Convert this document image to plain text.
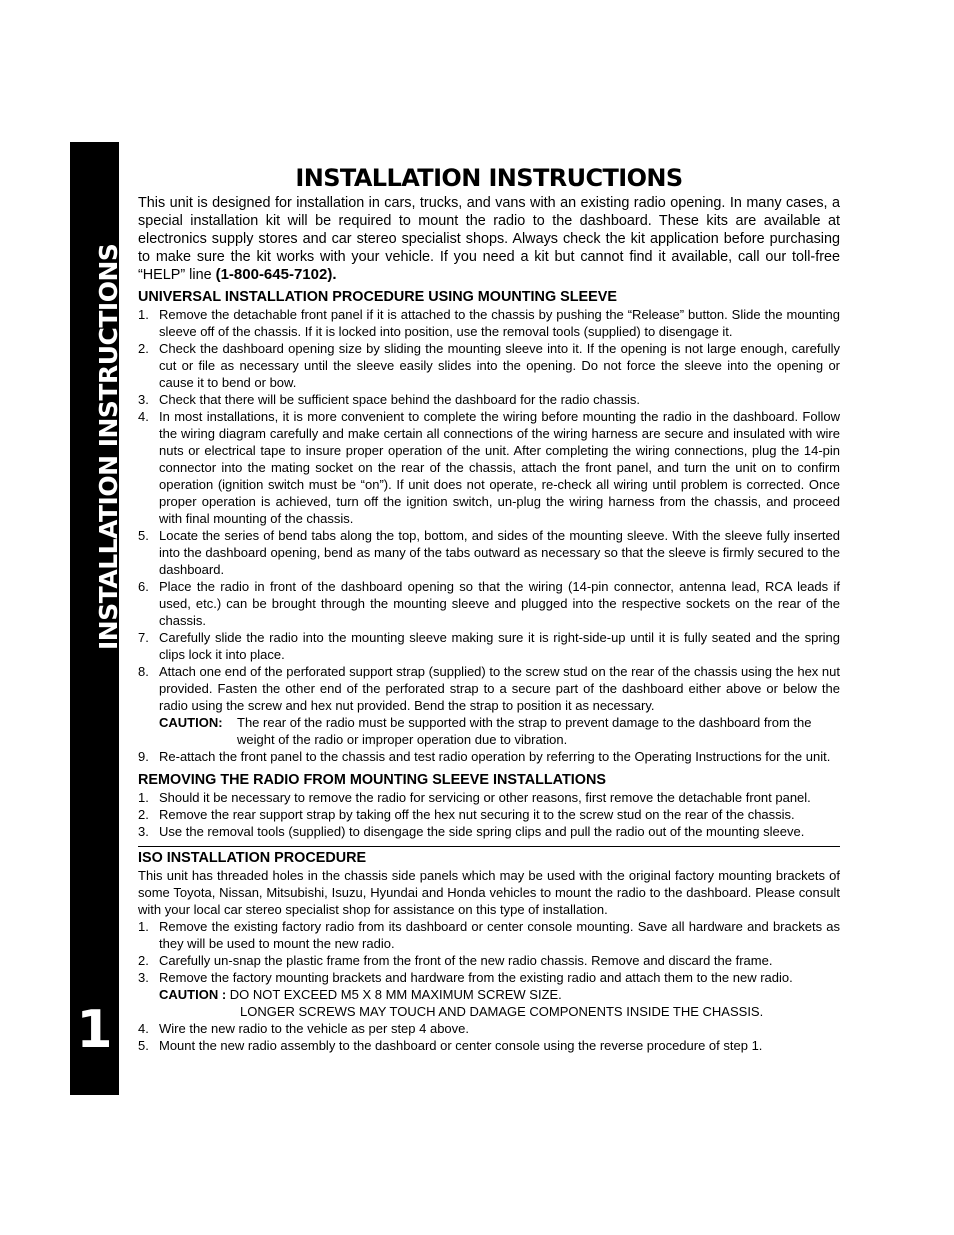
INSTALLATION INSTRUCTIONS
1
INSTALLATION INSTRUCTIONS

This unit is designed for installation in cars, trucks, and vans with an existing radio opening. In many cases, a special installation kit will be required to mount the radio to the dashboard. These kits are available at electronics supply stores and car stereo specialist shops. Always check the kit application before purchasing to make sure the kit works with your vehicle. If you need a kit but cannot find it available, call our toll-free “HELP” line (1-800-645-7102).

UNIVERSAL INSTALLATION PROCEDURE USING MOUNTING SLEEVE
1. Remove the detachable front panel if it is attached to the chassis by pushing the “Release” button. Slide the mounting sleeve off of the chassis. If it is locked into position, use the removal tools (supplied) to disengage it.
2. Check the dashboard opening size by sliding the mounting sleeve into it. If the opening is not large enough, carefully cut or file as necessary until the sleeve easily slides into the opening. Do not force the sleeve into the opening or cause it to bend or bow.
3. Check that there will be sufficient space behind the dashboard for the radio chassis.
4. In most installations, it is more convenient to complete the wiring before mounting the radio in the dashboard. Follow the wiring diagram carefully and make certain all connections of the wiring harness are secure and insulated with wire nuts or electrical tape to insure proper operation of the unit. After completing the wiring connections, plug the 14-pin connector into the mating socket on the rear of the chassis, attach the front panel, and turn the unit on to confirm operation (ignition switch must be “on”). If unit does not operate, re-check all wiring until problem is corrected. Once proper operation is achieved, turn off the ignition switch, un-plug the wiring harness from the chassis, and proceed with final mounting of the chassis.
5. Locate the series of bend tabs along the top, bottom, and sides of the mounting sleeve. With the sleeve fully inserted into the dashboard opening, bend as many of the tabs outward as necessary so that the sleeve is firmly secured to the dashboard.
6. Place the radio in front of the dashboard opening so that the wiring (14-pin connector, antenna lead, RCA leads if used, etc.) can be brought through the mounting sleeve and plugged into the respective sockets on the rear of the chassis.
7. Carefully slide the radio into the mounting sleeve making sure it is right-side-up until it is fully seated and the spring clips lock it into place.
8. Attach one end of the perforated support strap (supplied) to the screw stud on the rear of the chassis using the hex nut provided. Fasten the other end of the perforated strap to a secure part of the dashboard either above or below the radio using the screw and hex nut provided. Bend the strap to position it as necessary.
CAUTION:	The rear of the radio must be supported with the strap to prevent damage to the dashboard from the weight of the radio or improper operation due to vibration.
9. Re-attach the front panel to the chassis and test radio operation by referring to the Operating Instructions for the unit.
REMOVING THE RADIO FROM MOUNTING SLEEVE INSTALLATIONS
1. Should it be necessary to remove the radio for servicing or other reasons, first remove the detachable front panel.
2. Remove the rear support strap by taking off the hex nut securing it to the screw stud on the rear of the chassis.
3. Use the removal tools (supplied) to disengage the side spring clips and pull the radio out of the mounting sleeve.
ISO INSTALLATION PROCEDURE

This unit has threaded holes in the chassis side panels which may be used with the original factory mounting brackets of some Toyota, Nissan, Mitsubishi, Isuzu, Hyundai and Honda vehicles to mount the radio to the dashboard. Please consult with your local car stereo specialist shop for assistance on this type of installation.

1. Remove the existing factory radio from its dashboard or center console mounting. Save all hardware and brackets as they will be used to mount the new radio.
2. Carefully un-snap the plastic frame from the front of the new radio chassis. Remove and discard the frame.
3. Remove the factory mounting brackets and hardware from the existing radio and attach them to the new radio.
CAUTION : DO NOT EXCEED M5 X 8 MM MAXIMUM SCREW SIZE.
LONGER SCREWS MAY TOUCH AND DAMAGE COMPONENTS INSIDE THE CHASSIS.
4. Wire the new radio to the vehicle as per step 4 above.
5. Mount the new radio assembly to the dashboard or center console using the reverse procedure of step 1.
